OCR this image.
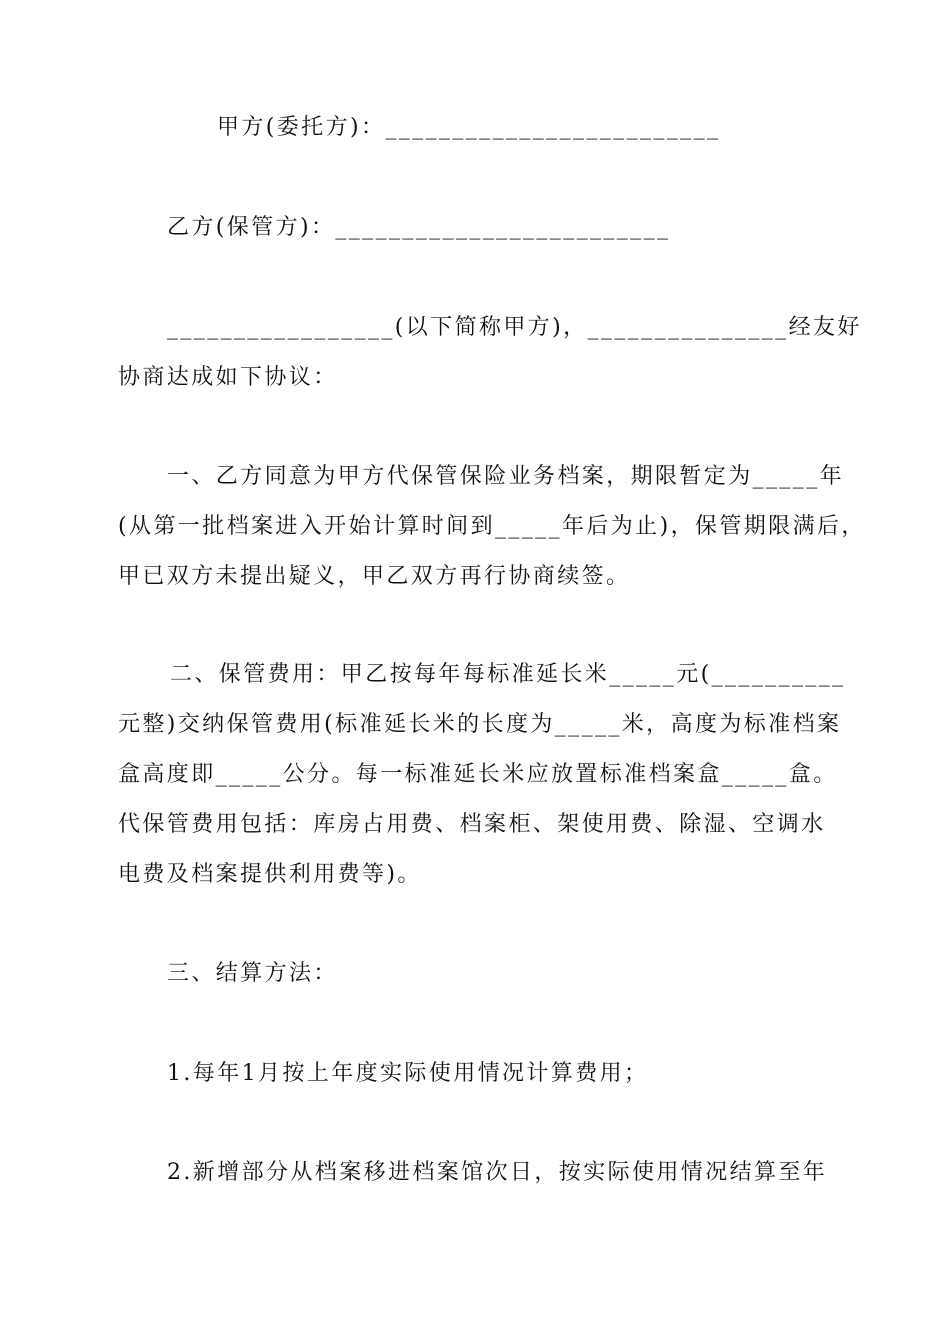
甲方(委托方)：_________________________
乙方(保管方)：_________________________
_________________(以下简称甲方)，_______________经友好
协商达成如下协议：
一、乙方同意为甲方代保管保险业务档案，期限暂定为_____年
(从第一批档案进入开始计算时间到_____年后为止)，保管期限满后，
甲已双方未提出疑义，甲乙双方再行协商续签。
二、保管费用：甲乙按每年每标准延长米_____元(__________
元整)交纳保管费用(标准延长米的长度为_____米，高度为标准档案
盒高度即_____公分。每一标准延长米应放置标准档案盒_____盒。
代保管费用包括：库房占用费、档案柜、架使用费、除湿、空调水
电费及档案提供利用费等)。
三、结算方法：
1.每年1月按上年度实际使用情况计算费用；
2.新增部分从档案移进档案馆次日，按实际使用情况结算至年
